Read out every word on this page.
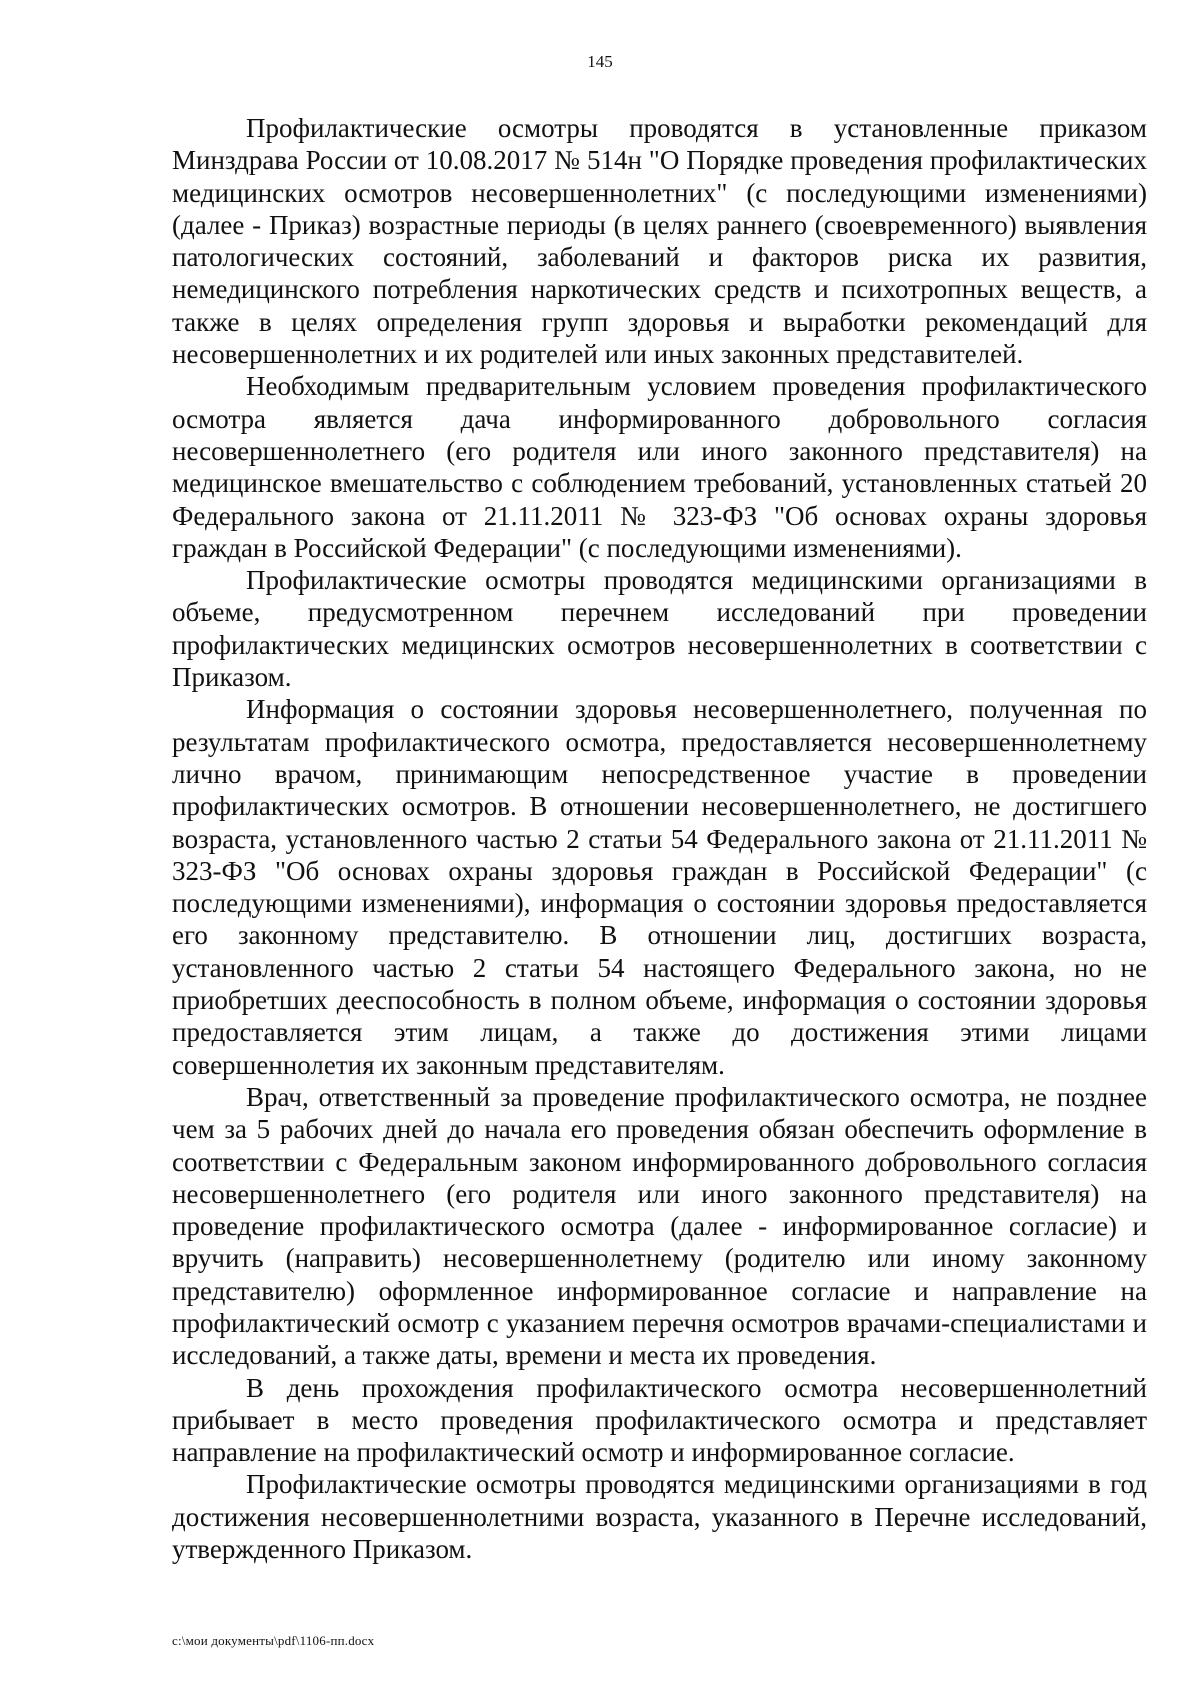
145

Профилактические осмотры проводятся в установленные приказом Минздрава России от 10.08.2017 № 514н "О Порядке проведения профилактических медицинских осмотров несовершеннолетних" (с последующими изменениями) (далее - Приказ) возрастные периоды (в целях раннего (своевременного) выявления патологических состояний, заболеваний и факторов риска их развития, немедицинского потребления наркотических средств и психотропных веществ, а также в целях определения групп здоровья и выработки рекомендаций для несовершеннолетних и их родителей или иных законных представителей.

Необходимым предварительным условием проведения профилактического осмотра является дача информированного добровольного согласия несовершеннолетнего (его родителя или иного законного представителя) на медицинское вмешательство с соблюдением требований, установленных статьей 20 Федерального закона от 21.11.2011 № 323-ФЗ "Об основах охраны здоровья граждан в Российской Федерации" (с последующими изменениями).

Профилактические осмотры проводятся медицинскими организациями в объеме, предусмотренном перечнем исследований при проведении профилактических медицинских осмотров несовершеннолетних в соответствии с Приказом.

Информация о состоянии здоровья несовершеннолетнего, полученная по результатам профилактического осмотра, предоставляется несовершеннолетнему лично врачом, принимающим непосредственное участие в проведении профилактических осмотров. В отношении несовершеннолетнего, не достигшего возраста, установленного частью 2 статьи 54 Федерального закона от 21.11.2011 № 323-ФЗ "Об основах охраны здоровья граждан в Российской Федерации" (с последующими изменениями), информация о состоянии здоровья предоставляется его законному представителю. В отношении лиц, достигших возраста, установленного частью 2 статьи 54 настоящего Федерального закона, но не приобретших дееспособность в полном объеме, информация о состоянии здоровья предоставляется этим лицам, а также до достижения этими лицами совершеннолетия их законным представителям.

Врач, ответственный за проведение профилактического осмотра, не позднее чем за 5 рабочих дней до начала его проведения обязан обеспечить оформление в соответствии с Федеральным законом информированного добровольного согласия несовершеннолетнего (его родителя или иного законного представителя) на проведение профилактического осмотра (далее - информированное согласие) и вручить (направить) несовершеннолетнему (родителю или иному законному представителю) оформленное информированное согласие и направление на профилактический осмотр с указанием перечня осмотров врачами-специалистами и исследований, а также даты, времени и места их проведения.

В день прохождения профилактического осмотра несовершеннолетний прибывает в место проведения профилактического осмотра и представляет направление на профилактический осмотр и информированное согласие.

Профилактические осмотры проводятся медицинскими организациями в год достижения несовершеннолетними возраста, указанного в Перечне исследований, утвержденного Приказом.

c:\мои документы\pdf\1106-пп.docx
